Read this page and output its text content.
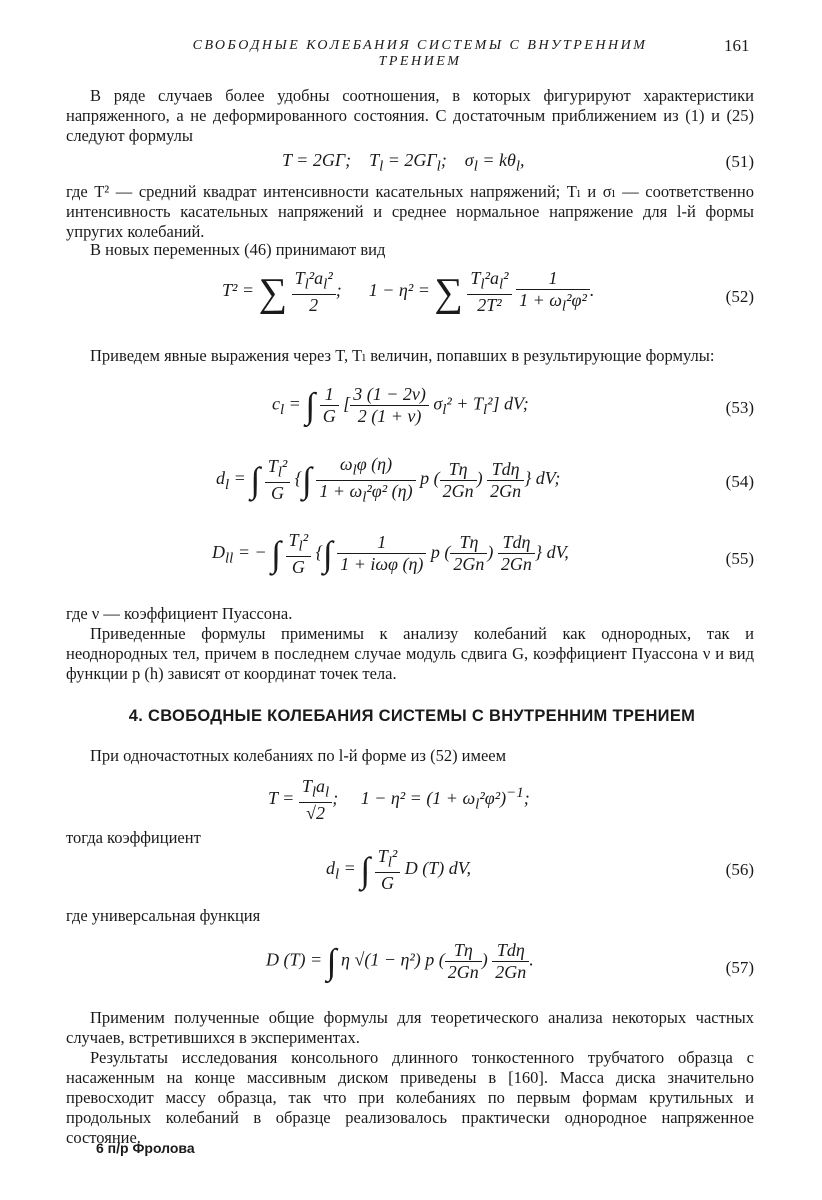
СВОБОДНЫЕ КОЛЕБАНИЯ СИСТЕМЫ С ВНУТРЕННИМ ТРЕНИЕМ
161

В ряде случаев более удобны соотношения, в которых фигурируют характеристики напряженного, а не деформированного состояния. С достаточным приближением из (1) и (25) следуют формулы

T = 2GΓ;    $T_l = 2G\Gamma_l$;    $\sigma_l = k\theta_l$,	(51)

где T² — средний квадрат интенсивности касательных напряжений; Tₗ и σₗ — соответственно интенсивность касательных напряжений и среднее нормальное напряжение для l-й формы упругих колебаний.

В новых переменных (46) принимают вид

T² = ∑ $\frac{T_l^2a_l^2}{2}$ ;      1 − η² = ∑ $\frac{T_l^2a_l^2}{\text{2T²}}$
$\frac{1}{1 + \omega_l^2\varphi^2}$ .	(52)

Приведем явные выражения через T, Tₗ величин, попавших в результирующие формулы:

$c_l$ = ∫ $\frac{1}{G}$ [ $\frac{3 (1 - 2\nu)}{2 (1 + \nu)} \sigma_l^2 + T_l^2$] dV;	(53)
$d_l$ = ∫ $\frac{T_l^2}{G}$ {∫ $\frac{\omega_l\varphi (\eta)}{1 + \omega_l^2\varphi^2 (\eta)}$ p ( $\frac{T\eta}{2Gn}$ ) $\frac{\text{Tdη}}{2Gn}$ } dV;	(54)
$D_{ll}$ = − ∫ $\frac{T_l^2}{G}$ {∫ $\frac{1}{\text{1 + iωφ (η)}}$ p ( $\frac{T\eta}{2Gn}$ ) $\frac{\text{Tdη}}{2Gn}$ } dV,	(55)

где ν — коэффициент Пуассона.

Приведенные формулы применимы к анализу колебаний как однородных, так и неоднородных тел, причем в последнем случае модуль сдвига G, коэффициент Пуассона ν и вид функции p (h) зависят от координат точек тела.

4. СВОБОДНЫЕ КОЛЕБАНИЯ СИСТЕМЫ С ВНУТРЕННИМ ТРЕНИЕМ

При одночастотных колебаниях по l-й форме из (52) имеем

$T = \frac{T_la_l}{√2}$ ;     $1 - \eta^2 = (1 + \omega_l^2\varphi^2)^{-1}$;

тогда коэффициент

$d_l$ = ∫ $\frac{T_l^2}{G}$ D (T) dV,	(56)

где универсальная функция

D (T) = ∫ η √(1 − η²) p ( $\frac{T\eta}{2Gn}$ ) $\frac{\text{Tdη}}{2Gn}$ .	(57)

Применим полученные общие формулы для теоретического анализа некоторых частных случаев, встретившихся в экспериментах.

Результаты исследования консольного длинного тонкостенного трубчатого образца с насаженным на конце массивным диском приведены в [160]. Масса диска значительно превосходит массу образца, так что при колебаниях по первым формам крутильных и продольных колебаний в образце реализовалось практически однородное напряженное состояние.

6 п/р Фролова
